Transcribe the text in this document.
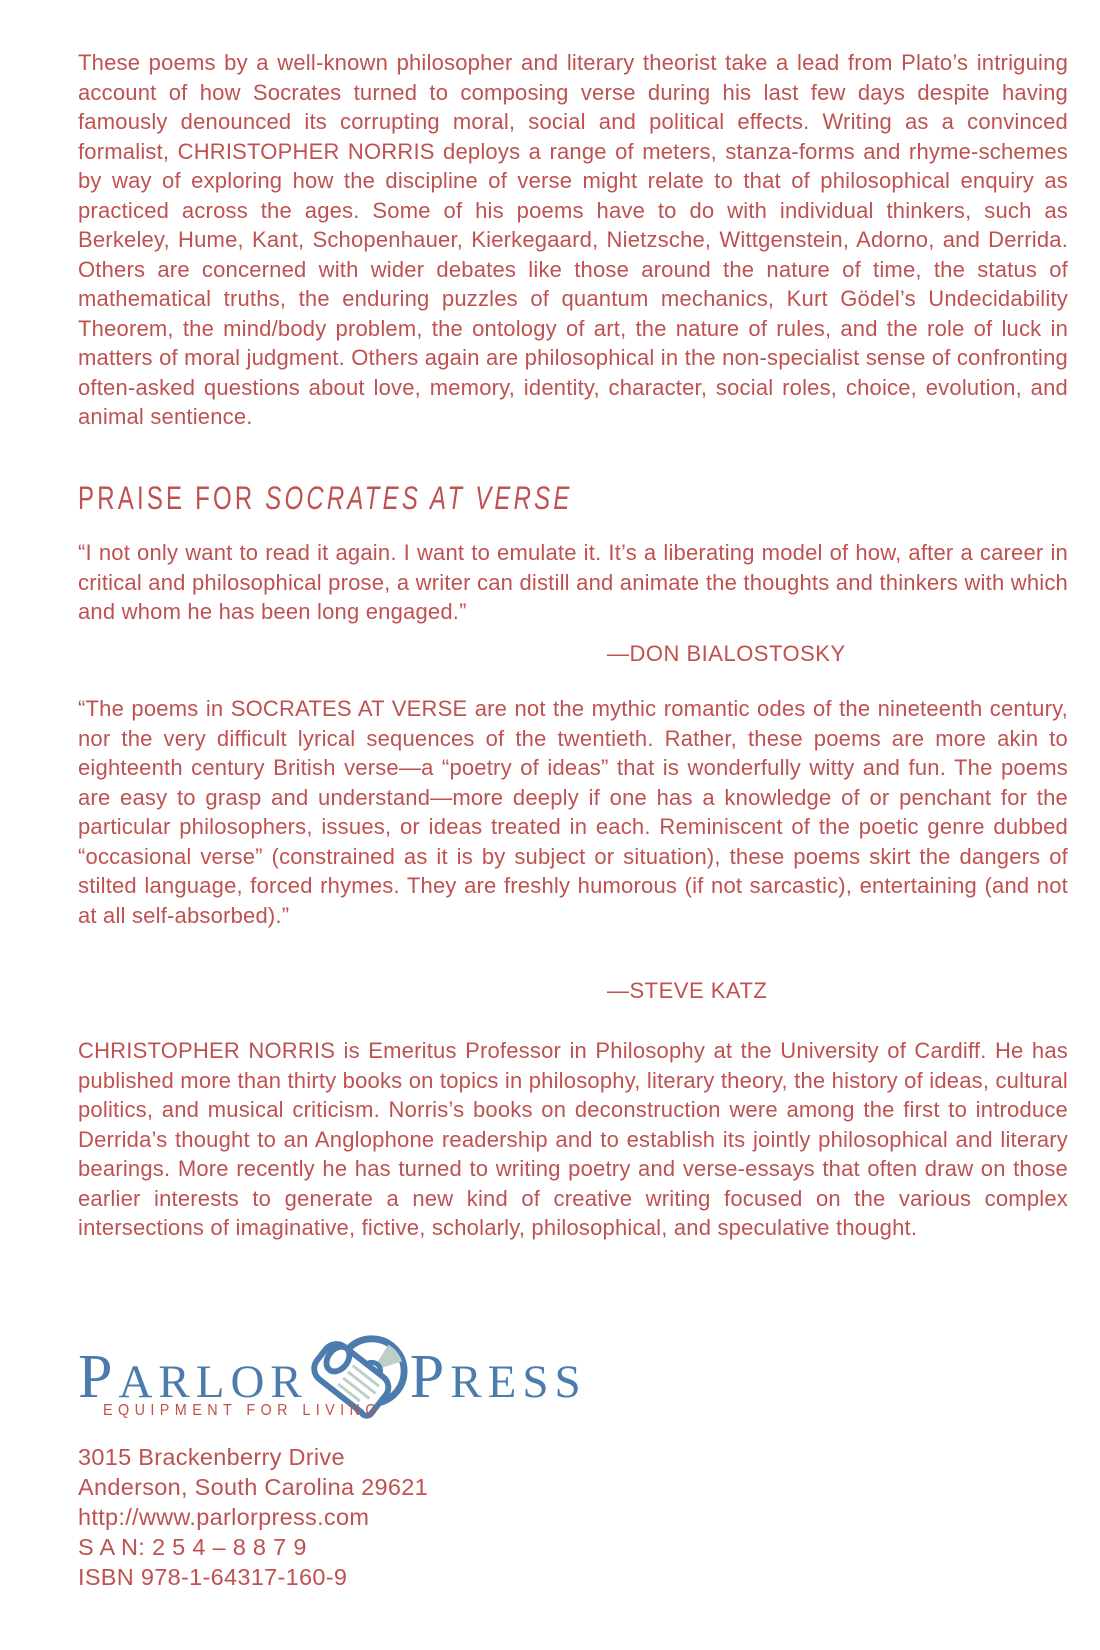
These poems by a well-known philosopher and literary theorist take a lead from Plato’s intriguing account of how Socrates turned to composing verse during his last few days despite having famously denounced its corrupting moral, social and political effects. Writing as a convinced formalist, CHRISTOPHER NORRIS deploys a range of meters, stanza-forms and rhyme-schemes by way of exploring how the discipline of verse might relate to that of philosophical enquiry as practiced across the ages. Some of his poems have to do with individual thinkers, such as Berkeley, Hume, Kant, Schopenhauer, Kierkegaard, Nietzsche, Wittgenstein, Adorno, and Derrida. Others are concerned with wider debates like those around the nature of time, the status of mathematical truths, the enduring puzzles of quantum mechanics, Kurt Gödel’s Undecidability Theorem, the mind/body problem, the ontology of art, the nature of rules, and the role of luck in matters of moral judgment. Others again are philosophical in the non-specialist sense of confronting often-asked questions about love, memory, identity, character, social roles, choice, evolution, and animal sentience.
PRAISE FOR SOCRATES AT VERSE
“I not only want to read it again. I want to emulate it. It’s a liberating model of how, after a career in critical and philosophical prose, a writer can distill and animate the thoughts and thinkers with which and whom he has been long engaged.”
—DON BIALOSTOSKY
“The poems in SOCRATES AT VERSE are not the mythic romantic odes of the nineteenth century, nor the very difficult lyrical sequences of the twentieth. Rather, these poems are more akin to eighteenth century British verse—a “poetry of ideas” that is wonderfully witty and fun. The poems are easy to grasp and understand—more deeply if one has a knowledge of or penchant for the particular philosophers, issues, or ideas treated in each. Reminiscent of the poetic genre dubbed “occasional verse” (constrained as it is by subject or situation), these poems skirt the dangers of stilted language, forced rhymes. They are freshly humorous (if not sarcastic), entertaining (and not at all self-absorbed).”
—STEVE KATZ
CHRISTOPHER NORRIS is Emeritus Professor in Philosophy at the University of Cardiff. He has published more than thirty books on topics in philosophy, literary theory, the history of ideas, cultural politics, and musical criticism. Norris’s books on deconstruction were among the first to introduce Derrida’s thought to an Anglophone readership and to establish its jointly philosophical and literary bearings. More recently he has turned to writing poetry and verse-essays that often draw on those earlier interests to generate a new kind of creative writing focused on the various complex intersections of imaginative, fictive, scholarly, philosophical, and speculative thought.
PARLOR PRESS
EQUIPMENT FOR LIVING
3015 Brackenberry Drive
Anderson, South Carolina 29621
http://www.parlorpress.com
S A N: 2 5 4 – 8 8 7 9
ISBN 978-1-64317-160-9
